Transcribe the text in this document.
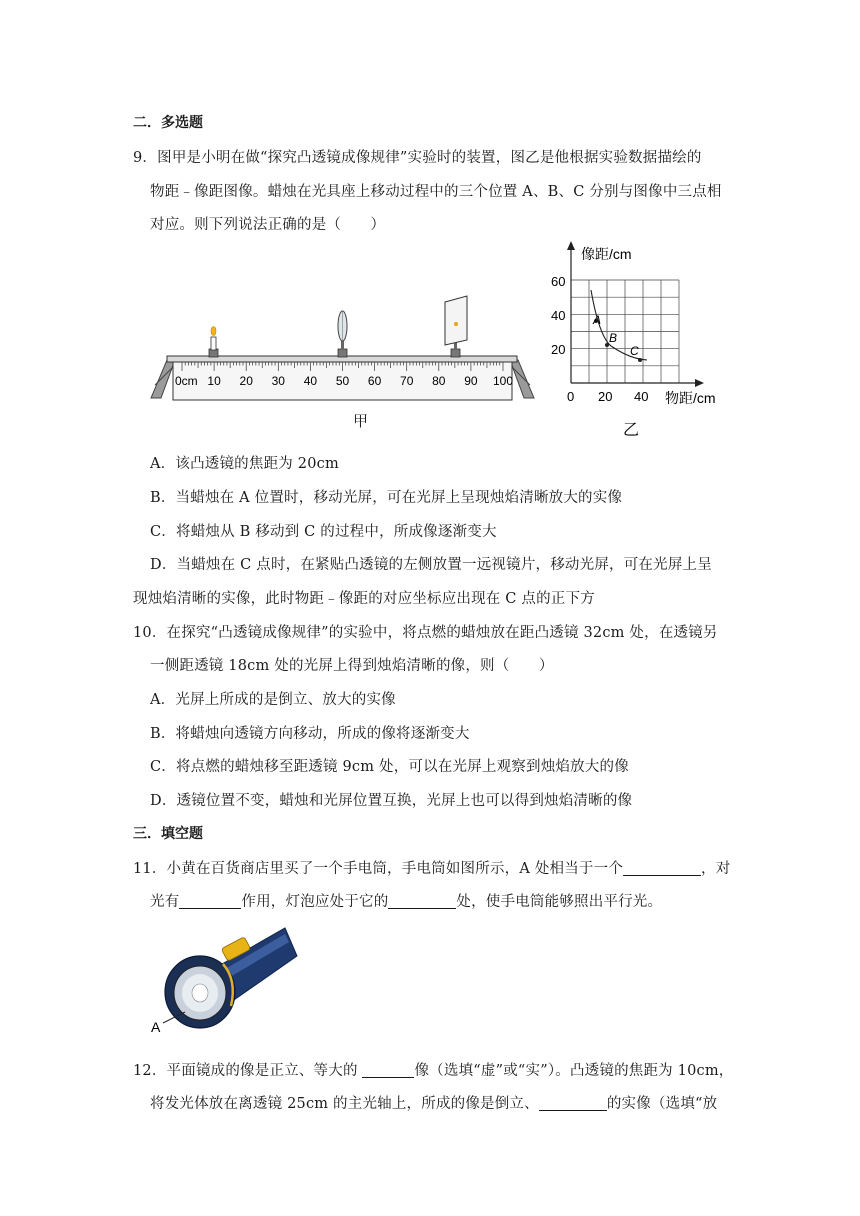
二．多选题
9．图甲是小明在做“探究凸透镜成像规律”实验时的装置，图乙是他根据实验数据描绘的
物距﹣像距图像。蜡烛在光具座上移动过程中的三个位置 A、B、C 分别与图像中三点相
对应。则下列说法正确的是（　　）
0cm 10 20 30 40 50 60 70 80 90 100
甲
A
B
C
像距/cm
物距/cm
60
40
20
0 20 40
乙
A．该凸透镜的焦距为 20cm
B．当蜡烛在 A 位置时，移动光屏，可在光屏上呈现烛焰清晰放大的实像
C．将蜡烛从 B 移动到 C 的过程中，所成像逐渐变大
D．当蜡烛在 C 点时，在紧贴凸透镜的左侧放置一远视镜片，移动光屏，可在光屏上呈
现烛焰清晰的实像，此时物距﹣像距的对应坐标应出现在 C 点的正下方
10．在探究“凸透镜成像规律”的实验中，将点燃的蜡烛放在距凸透镜 32cm 处，在透镜另
一侧距透镜 18cm 处的光屏上得到烛焰清晰的像，则（　　）
A．光屏上所成的是倒立、放大的实像
B．将蜡烛向透镜方向移动，所成的像将逐渐变大
C．将点燃的蜡烛移至距透镜 9cm 处，可以在光屏上观察到烛焰放大的像
D．透镜位置不变，蜡烛和光屏位置互换，光屏上也可以得到烛焰清晰的像
三．填空题
11．小黄在百货商店里买了一个手电筒，手电筒如图所示，A 处相当于一个	，对
光有	作用，灯泡应处于它的	处，使手电筒能够照出平行光。
A
12．平面镜成的像是正立、等大的	像（选填“虚”或“实”）。凸透镜的焦距为 10cm，
将发光体放在离透镜 25cm 的主光轴上，所成的像是倒立、	的实像（选填“放
